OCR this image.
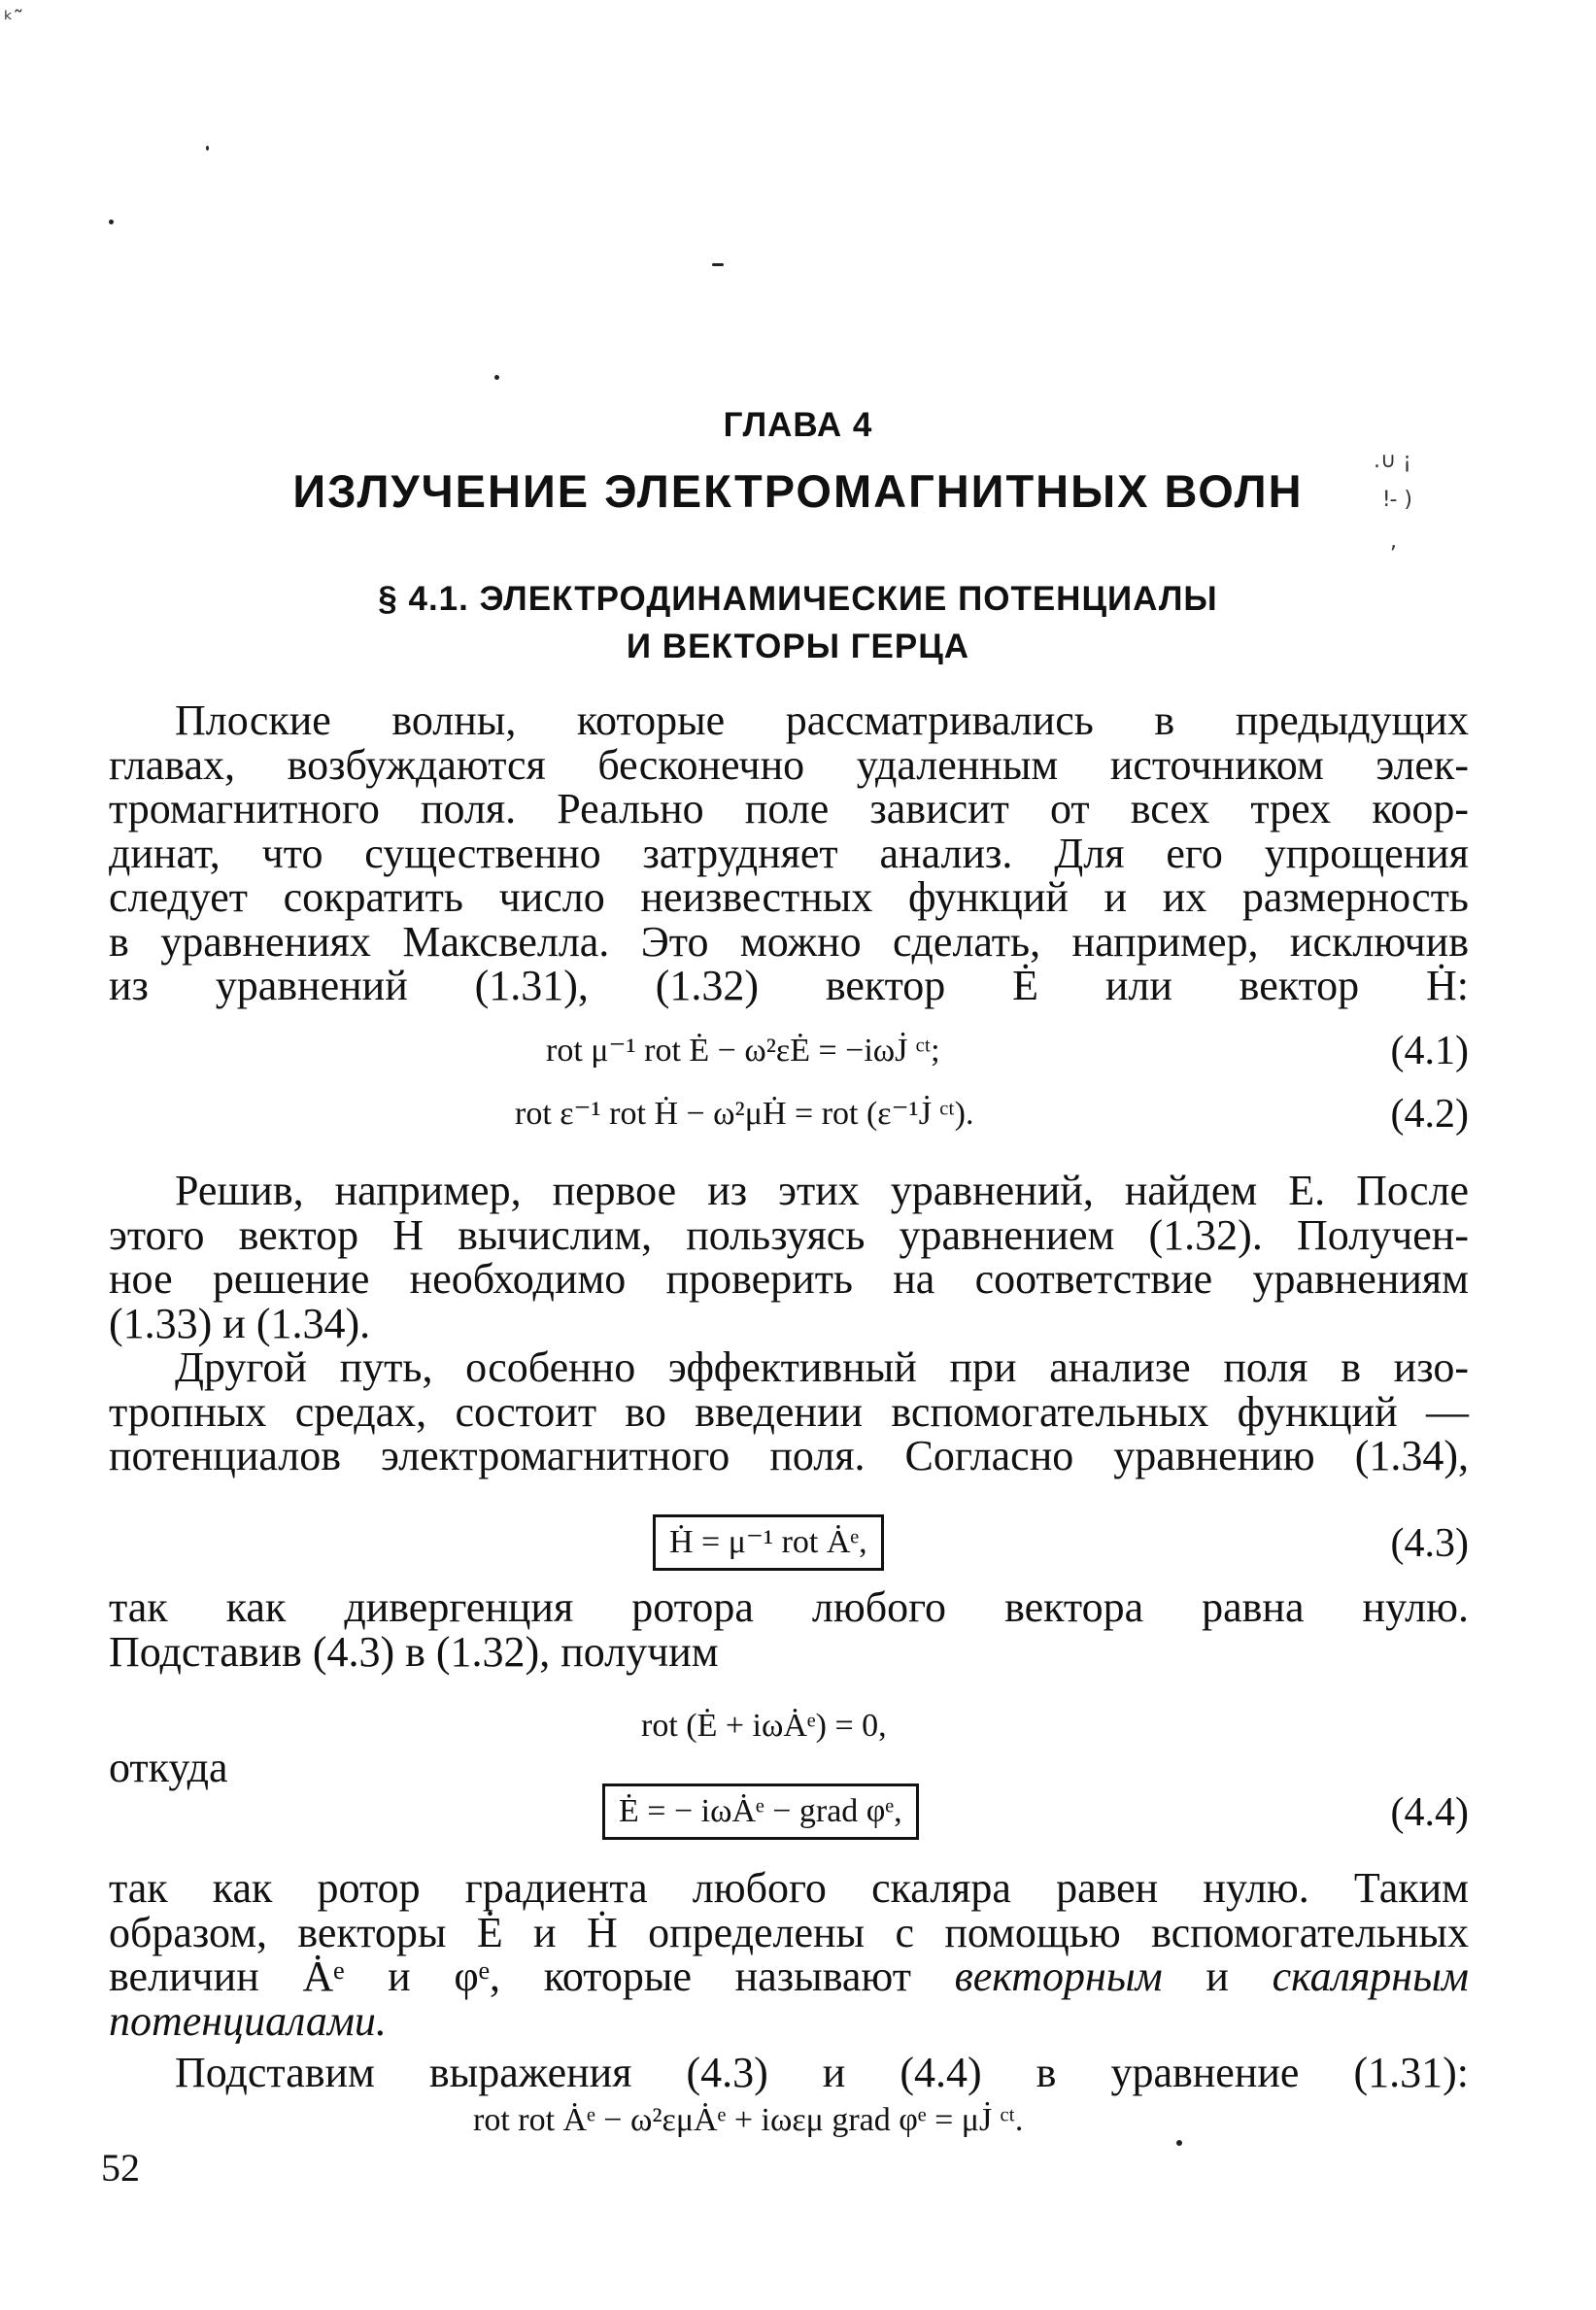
ᵏ˜
.∪ ¡
ǃ- )
,
ГЛАВА 4
ИЗЛУЧЕНИЕ ЭЛЕКТРОМАГНИТНЫХ ВОЛН
§ 4.1. ЭЛЕКТРОДИНАМИЧЕСКИЕ ПОТЕНЦИАЛЫ
И ВЕКТОРЫ ГЕРЦА

Плоские волны, которые рассматривались в предыдущих

главах, возбуждаются бесконечно удаленным источником элек-

тромагнитного поля. Реально поле зависит от всех трех коор-

динат, что существенно затрудняет анализ. Для его упрощения

следует сократить число неизвестных функций и их размерность

в уравнениях Максвелла. Это можно сделать, например, исключив

из уравнений (1.31), (1.32) вектор Ė или вектор Ḣ:

rot μ⁻¹ rot Ė − ω²εĖ = −iωJ̇ ᶜᵗ;	(4.1)
rot ε⁻¹ rot Ḣ − ω²μḢ = rot (ε⁻¹J̇ ᶜᵗ).	(4.2)

Решив, например, первое из этих уравнений, найдем E. После

этого вектор H вычислим, пользуясь уравнением (1.32). Получен-

ное решение необходимо проверить на соответствие уравнениям

(1.33) и (1.34).

Другой путь, особенно эффективный при анализе поля в изо-

тропных средах, состоит во введении вспомогательных функций —

потенциалов электромагнитного поля. Согласно уравнению (1.34),

Ḣ = μ⁻¹ rot Ȧᵉ,	(4.3)

так как дивергенция ротора любого вектора равна нулю.

Подставив (4.3) в (1.32), получим

rot (Ė + iωȦᵉ) = 0,
откуда
Ė = − iωȦᵉ − grad φᵉ,	(4.4)

так как ротор градиента любого скаляра равен нулю. Таким

образом, векторы Ė и Ḣ определены с помощью вспомогательных

величин Ȧᵉ и φᵉ, которые называют векторным и скалярным

потенциалами.

Подставим выражения (4.3) и (4.4) в уравнение (1.31):

rot rot Ȧᵉ − ω²εμȦᵉ + iωεμ grad φᵉ = μJ̇ ᶜᵗ.
52
